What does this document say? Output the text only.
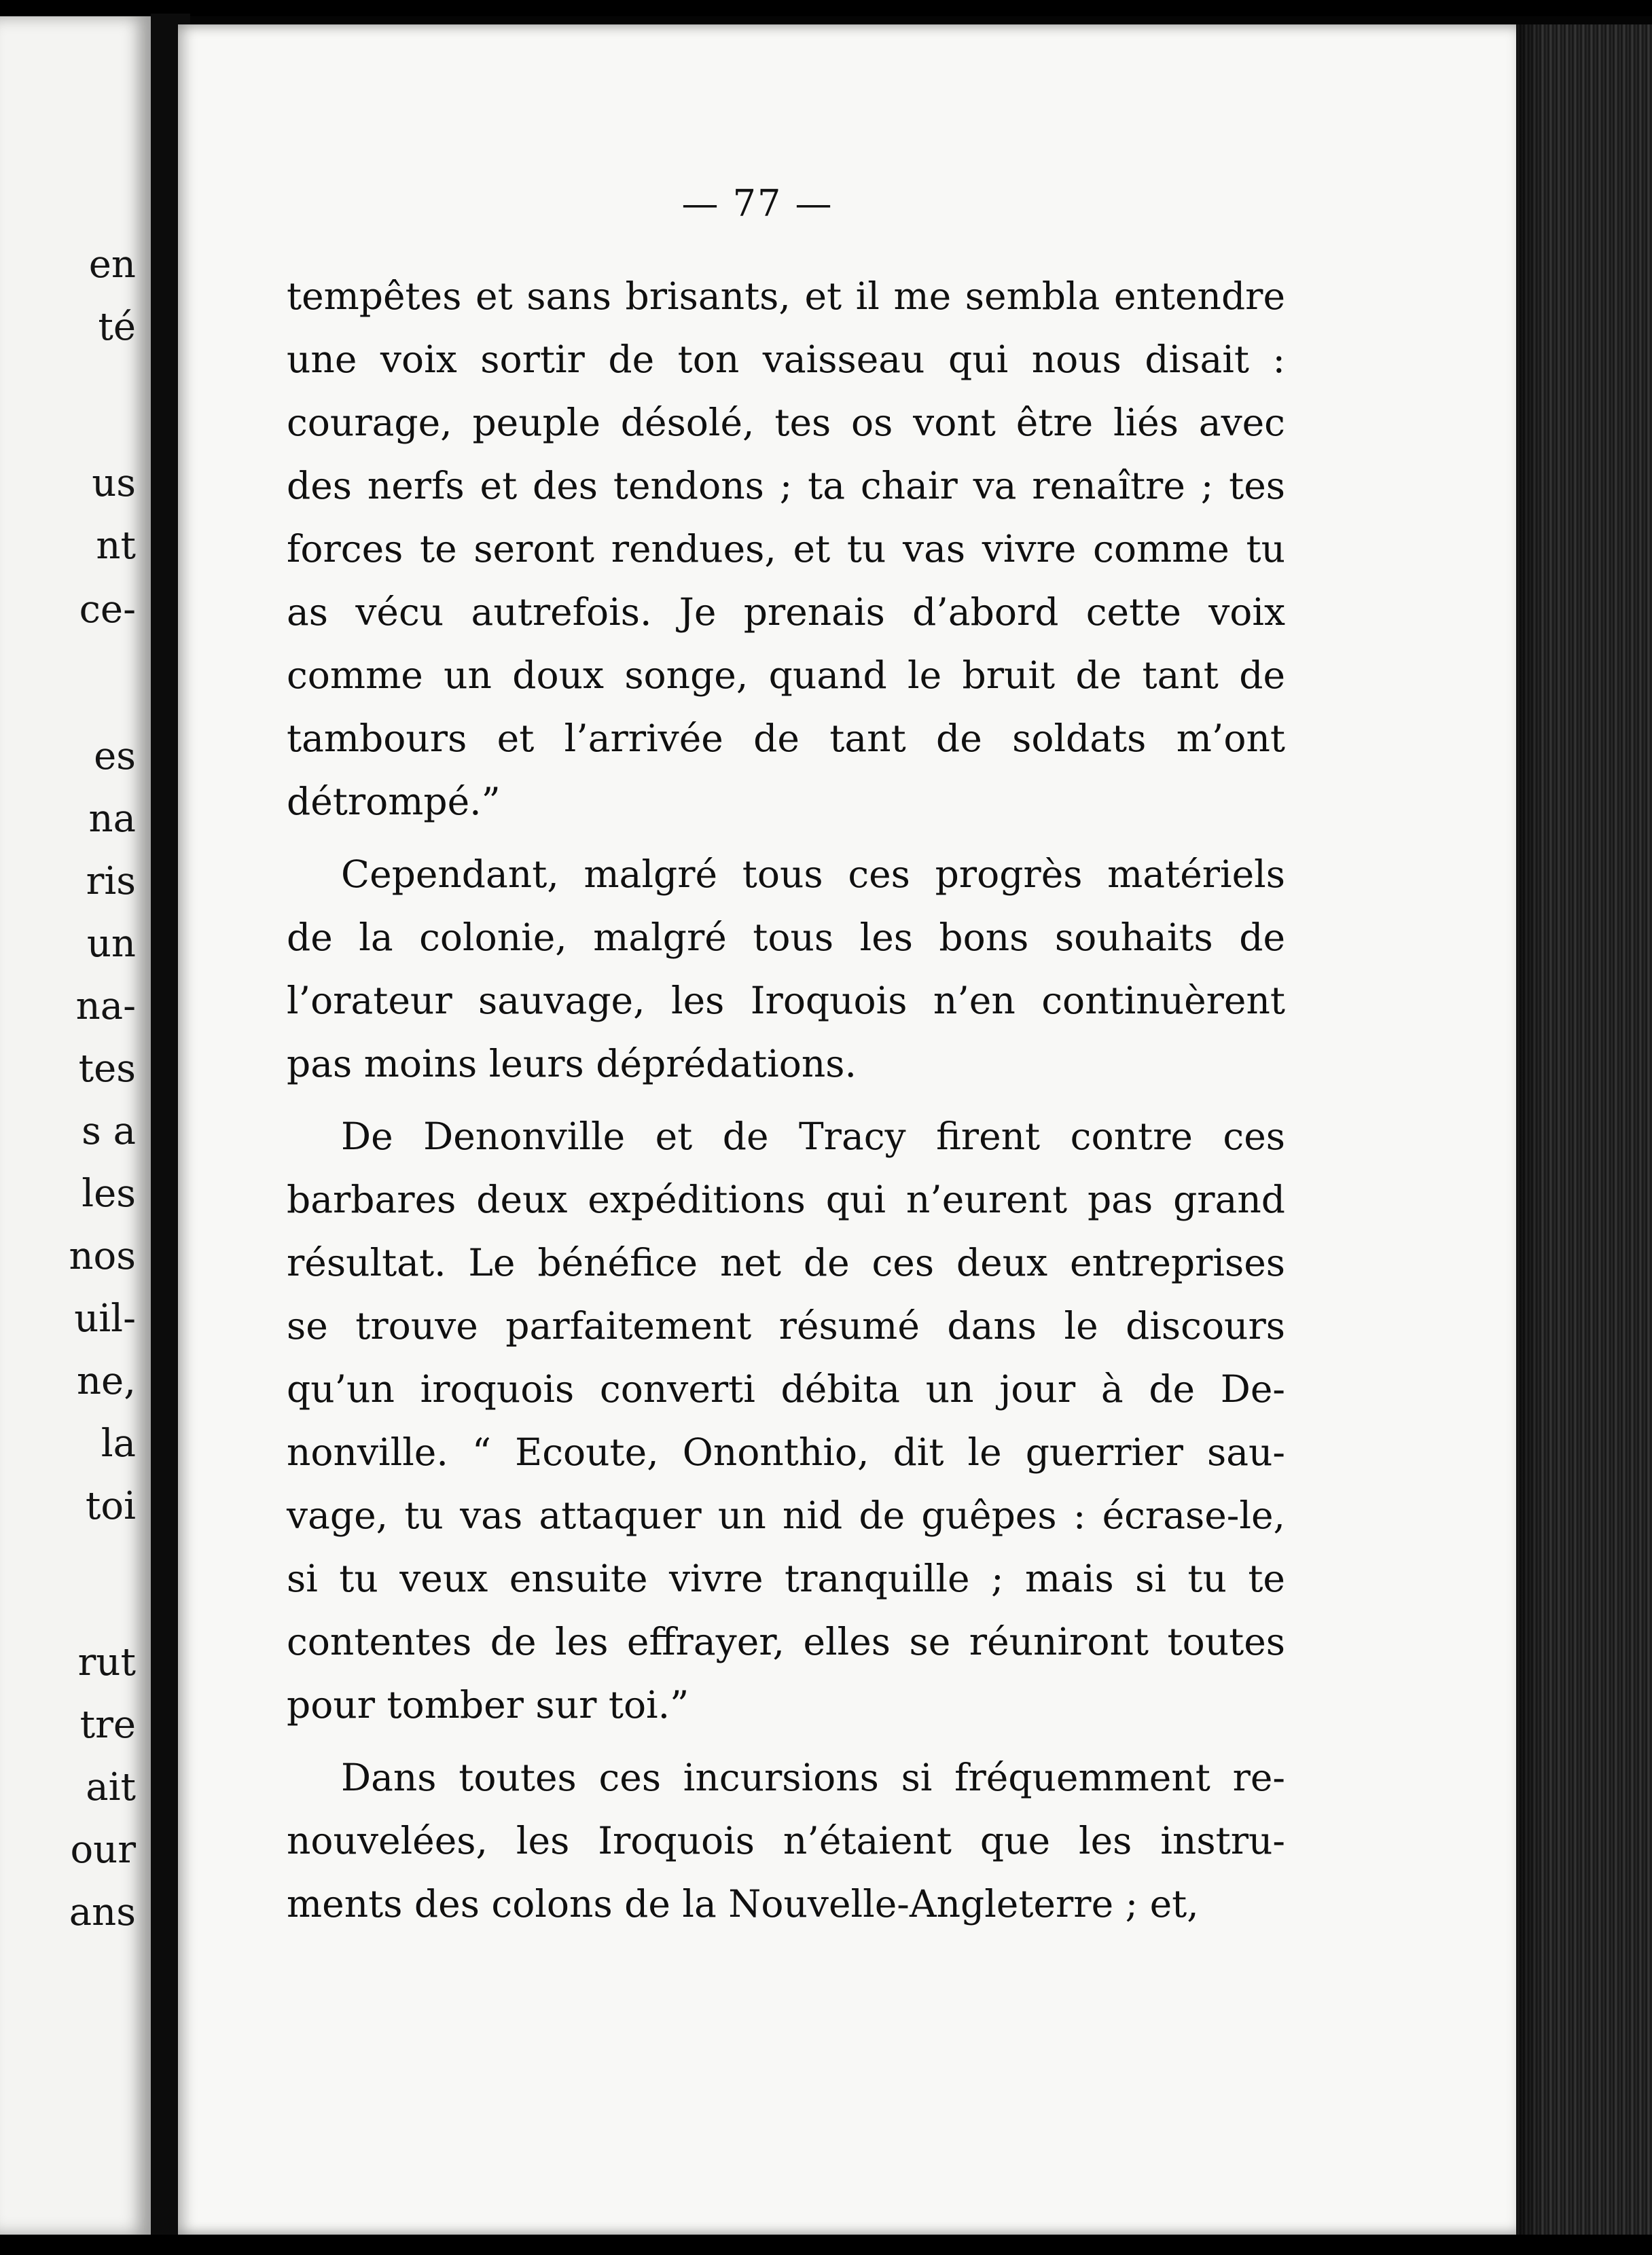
en
té
us
nt
ce-
es
na
ris
un
na-
tes
s a
les
nos
uil-
ne,
la
toi
rut
tre
ait
our
ans
— 77 —
tempêtes et sans brisants, et il me sembla entendre
une voix sortir de ton vaisseau qui nous disait :
courage, peuple désolé, tes os vont être liés avec
des nerfs et des tendons ; ta chair va renaître ; tes
forces te seront rendues, et tu vas vivre comme tu
as vécu autrefois. Je prenais d’abord cette voix
comme un doux songe, quand le bruit de tant de
tambours et l’arrivée de tant de soldats m’ont
détrompé.”
Cependant, malgré tous ces progrès matériels
de la colonie, malgré tous les bons souhaits de
l’orateur sauvage, les Iroquois n’en continuèrent
pas moins leurs déprédations.
De Denonville et de Tracy firent contre ces
barbares deux expéditions qui n’eurent pas grand
résultat. Le bénéfice net de ces deux entreprises
se trouve parfaitement résumé dans le discours
qu’un iroquois converti débita un jour à de De-
nonville. “ Ecoute, Ononthio, dit le guerrier sau-
vage, tu vas attaquer un nid de guêpes : écrase-le,
si tu veux ensuite vivre tranquille ; mais si tu te
contentes de les effrayer, elles se réuniront toutes
pour tomber sur toi.”
Dans toutes ces incursions si fréquemment re-
nouvelées, les Iroquois n’étaient que les instru-
ments des colons de la Nouvelle-Angleterre ; et,
